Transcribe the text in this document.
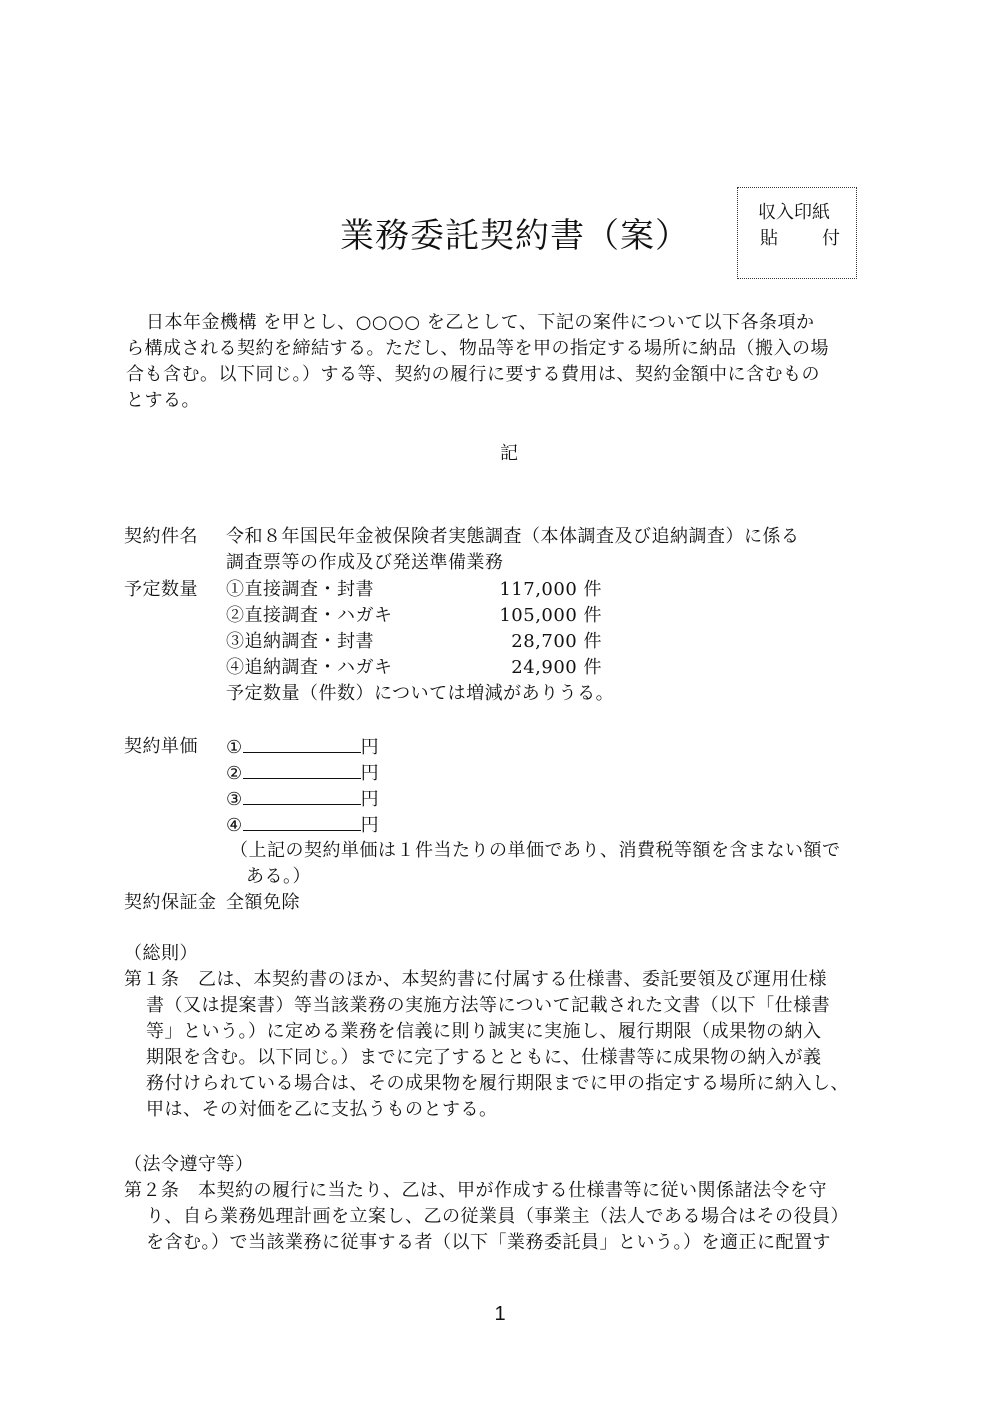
業務委託契約書（案）
収入印紙
貼 付
日本年金機構 を甲とし、○○○○ を乙として、下記の案件について以下各条項か
ら構成される契約を締結する。ただし、物品等を甲の指定する場所に納品（搬入の場
合も含む。以下同じ。）する等、契約の履行に要する費用は、契約金額中に含むもの
とする。
記
契約件名 令和８年国民年金被保険者実態調査（本体調査及び追納調査）に係る
調査票等の作成及び発送準備業務
予定数量 ①直接調査・封書	117,000 件
②直接調査・ハガキ	105,000 件
③追納調査・封書	28,700 件
④追納調査・ハガキ	24,900 件
予定数量（件数）については増減がありうる。
契約単価 ①	円
②	円
③	円
④	円
（上記の契約単価は１件当たりの単価であり、消費税等額を含まない額で
ある。）
契約保証金 全額免除
（総則）
第１条　乙は、本契約書のほか、本契約書に付属する仕様書、委託要領及び運用仕様
書（又は提案書）等当該業務の実施方法等について記載された文書（以下「仕様書
等」という。）に定める業務を信義に則り誠実に実施し、履行期限（成果物の納入
期限を含む。以下同じ。）までに完了するとともに、仕様書等に成果物の納入が義
務付けられている場合は、その成果物を履行期限までに甲の指定する場所に納入し、
甲は、その対価を乙に支払うものとする。
（法令遵守等）
第２条　本契約の履行に当たり、乙は、甲が作成する仕様書等に従い関係諸法令を守
り、自ら業務処理計画を立案し、乙の従業員（事業主（法人である場合はその役員）
を含む。）で当該業務に従事する者（以下「業務委託員」という。）を適正に配置す
1
